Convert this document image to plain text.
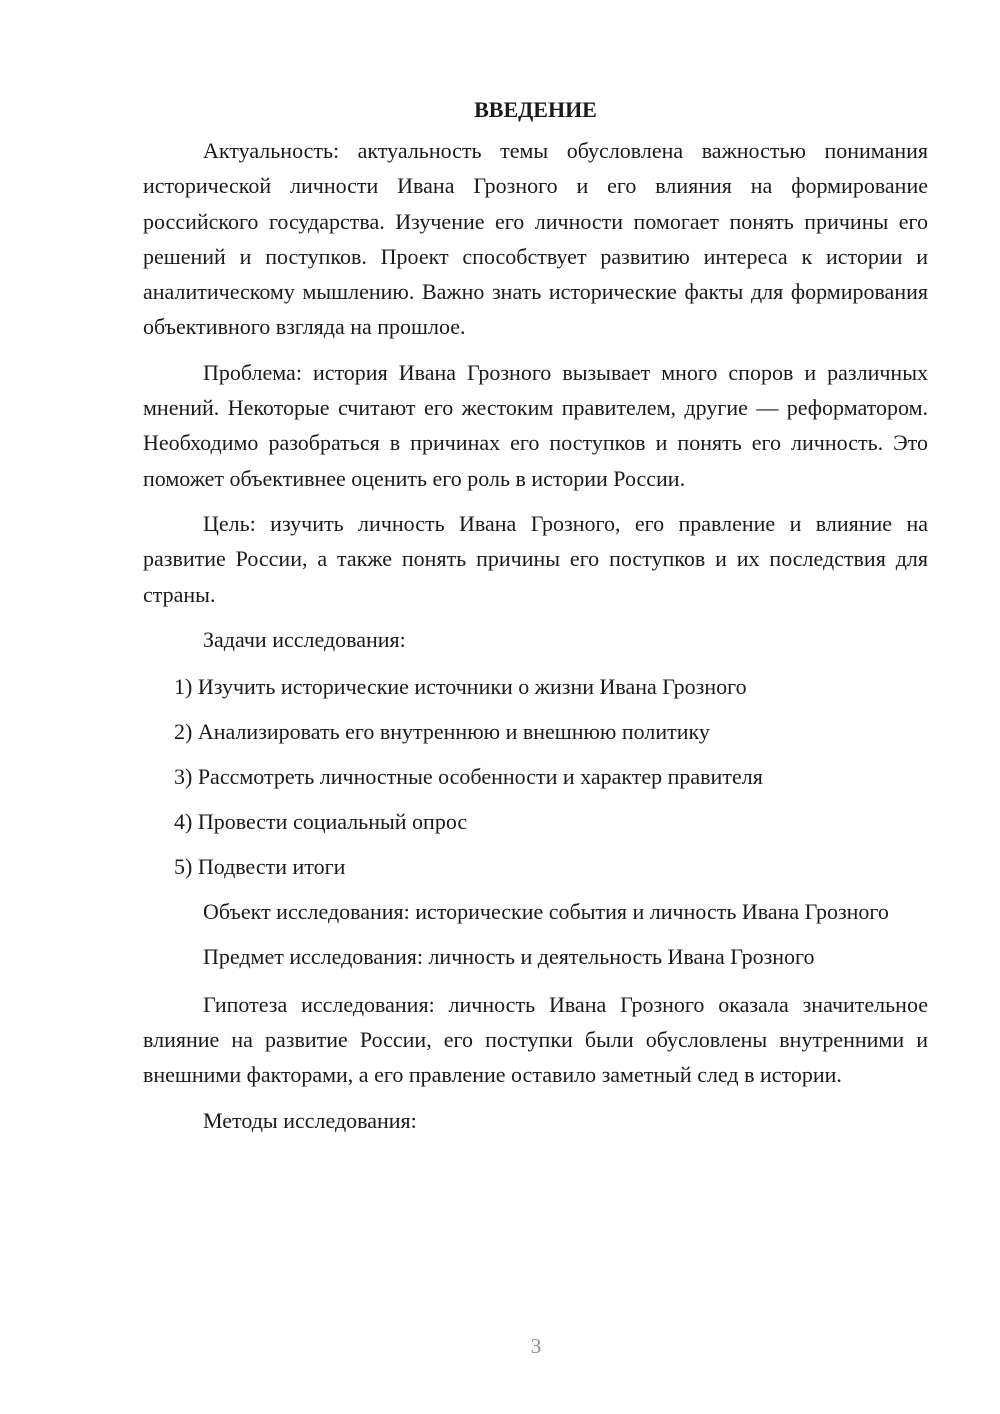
ВВЕДЕНИЕ

Актуальность: актуальность темы обусловлена важностью понимания исторической личности Ивана Грозного и его влияния на формирование российского государства. Изучение его личности помогает понять причины его решений и поступков. Проект способствует развитию интереса к истории и аналитическому мышлению. Важно знать исторические факты для формирования объективного взгляда на прошлое.

Проблема: история Ивана Грозного вызывает много споров и различных мнений. Некоторые считают его жестоким правителем, другие — реформатором. Необходимо разобраться в причинах его поступков и понять его личность. Это поможет объективнее оценить его роль в истории России.

Цель: изучить личность Ивана Грозного, его правление и влияние на развитие России, а также понять причины его поступков и их последствия для страны.

Задачи исследования:

1) Изучить исторические источники о жизни Ивана Грозного
2) Анализировать его внутреннюю и внешнюю политику
3) Рассмотреть личностные особенности и характер правителя
4) Провести социальный опрос
5) Подвести итоги

Объект исследования: исторические события и личность Ивана Грозного

Предмет исследования: личность и деятельность Ивана Грозного

Гипотеза исследования: личность Ивана Грозного оказала значительное влияние на развитие России, его поступки были обусловлены внутренними и внешними факторами, а его правление оставило заметный след в истории.

Методы исследования:

3
